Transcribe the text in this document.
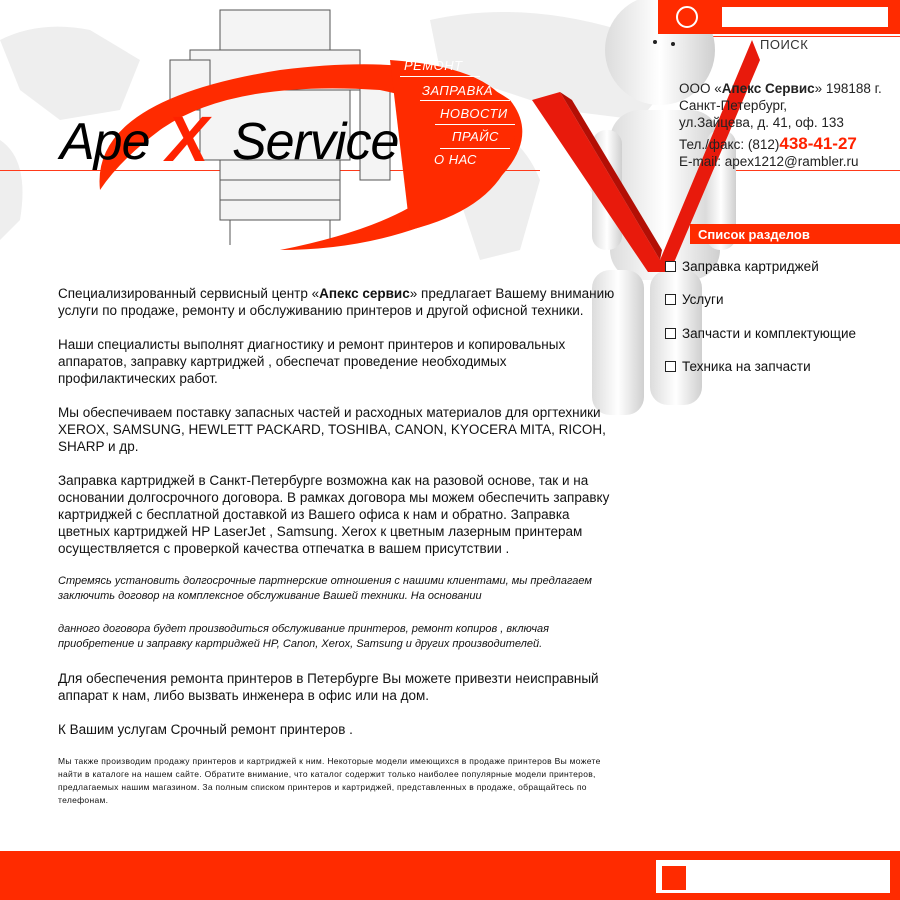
РЕМОНТ
ЗАПРАВКА
НОВОСТИ
ПРАЙС
О НАС
Ape X Service
ПОИСК
ООО «Апекс Сервис» 198188 г. Санкт-Петербург,
ул.Зайцева, д. 41, оф. 133
Тел./факс: (812)438-41-27
E-mail: apex1212@rambler.ru
Список разделов
Заправка картриджей
Услуги
Запчасти и комплектующие
Техника на запчасти

Специализированный сервисный центр «Апекс сервис» предлагает Вашему вниманию услуги по продаже, ремонту и обслуживанию принтеров и другой офисной техники.

Наши специалисты выполнят диагностику и ремонт принтеров и копировальных аппаратов, заправку картриджей , обеспечат проведение необходимых профилактических работ.

Мы обеспечиваем поставку запасных частей и расходных материалов для оргтехники XEROX, SAMSUNG, HEWLETT PACKARD, TOSHIBA, CANON, KYOCERA MITA, RICOH, SHARP и др.

Заправка картриджей в Санкт-Петербурге возможна как на разовой основе, так и на основании долгосрочного договора. В рамках договора мы можем обеспечить заправку картриджей с бесплатной доставкой из Вашего офиса к нам и обратно. Заправка цветных картриджей HP LaserJet , Samsung. Xerox к цветным лазерным принтерам осуществляется с проверкой качества отпечатка в вашем присутствии .

Стремясь установить долгосрочные партнерские отношения с нашими клиентами, мы предлагаем заключить договор на комплексное обслуживание Вашей техники. На основании

данного договора будет производиться обслуживание принтеров, ремонт копиров , включая приобретение и заправку картриджей HP, Canon, Xerox, Samsung и других производителей.

Для обеспечения ремонта принтеров в Петербурге Вы можете привезти неисправный аппарат к нам, либо вызвать инженера в офис или на дом.

К Вашим услугам Срочный ремонт принтеров .

Мы также производим продажу принтеров и картриджей к ним. Некоторые модели имеющихся в продаже принтеров Вы можете найти в каталоге на нашем сайте. Обратите внимание, что каталог содержит только наиболее популярные модели принтеров, предлагаемых нашим магазином. За полным списком принтеров и картриджей, представленных в продаже, обращайтесь по телефонам.
